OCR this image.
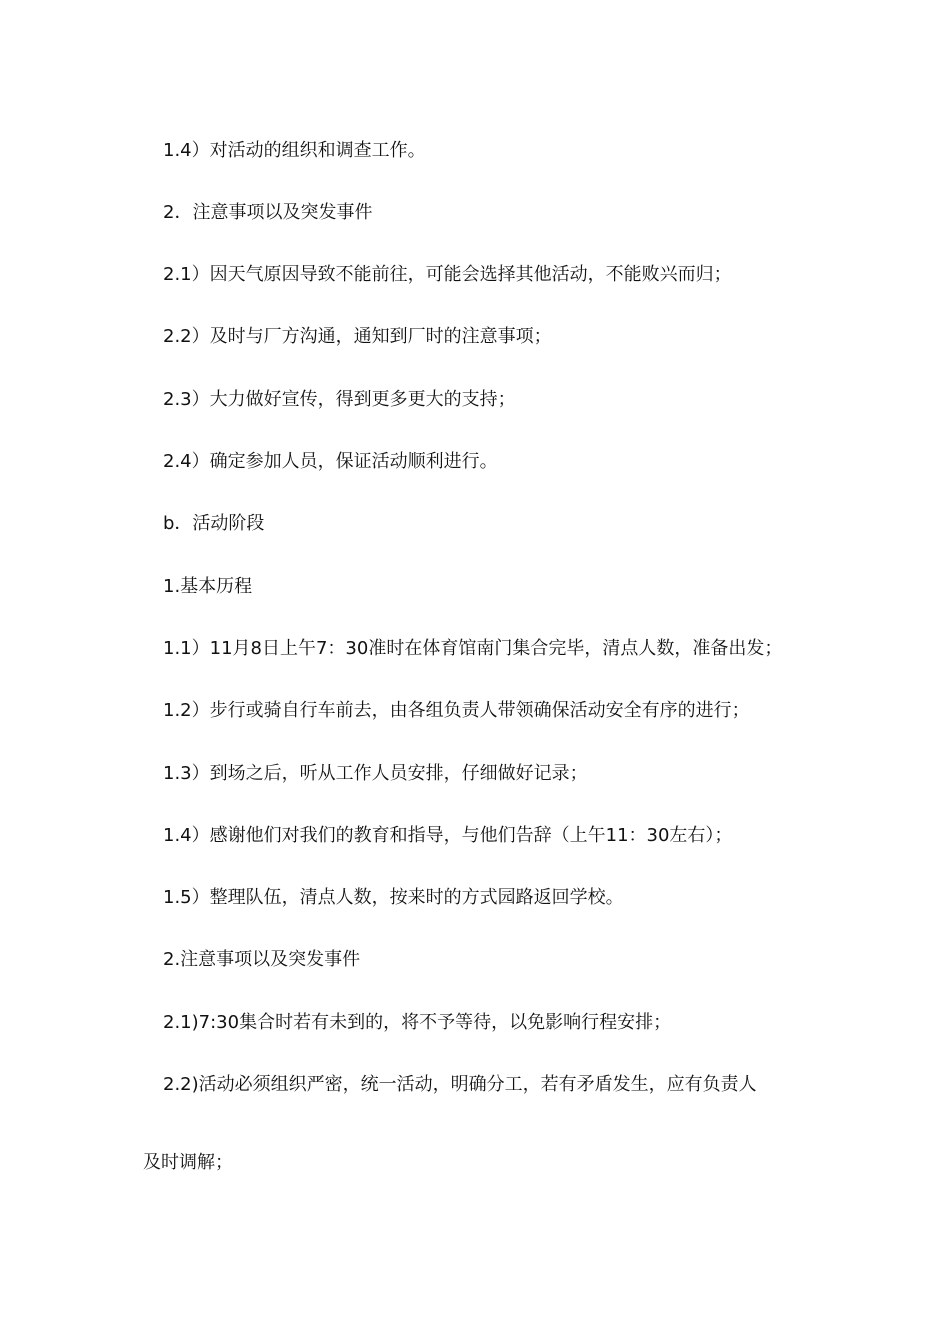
1.4）对活动的组织和调查工作。
2．注意事项以及突发事件
2.1）因天气原因导致不能前往，可能会选择其他活动，不能败兴而归；
2.2）及时与厂方沟通，通知到厂时的注意事项；
2.3）大力做好宣传，得到更多更大的支持；
2.4）确定参加人员，保证活动顺利进行。
b．活动阶段
1.基本历程
1.1）11月8日上午7：30准时在体育馆南门集合完毕，清点人数，准备出发；
1.2）步行或骑自行车前去，由各组负责人带领确保活动安全有序的进行；
1.3）到场之后，听从工作人员安排，仔细做好记录；
1.4）感谢他们对我们的教育和指导，与他们告辞（上午11：30左右）；
1.5）整理队伍，清点人数，按来时的方式园路返回学校。
2.注意事项以及突发事件
2.1)7:30集合时若有未到的，将不予等待，以免影响行程安排；
2.2)活动必须组织严密，统一活动，明确分工，若有矛盾发生，应有负责人
及时调解；
